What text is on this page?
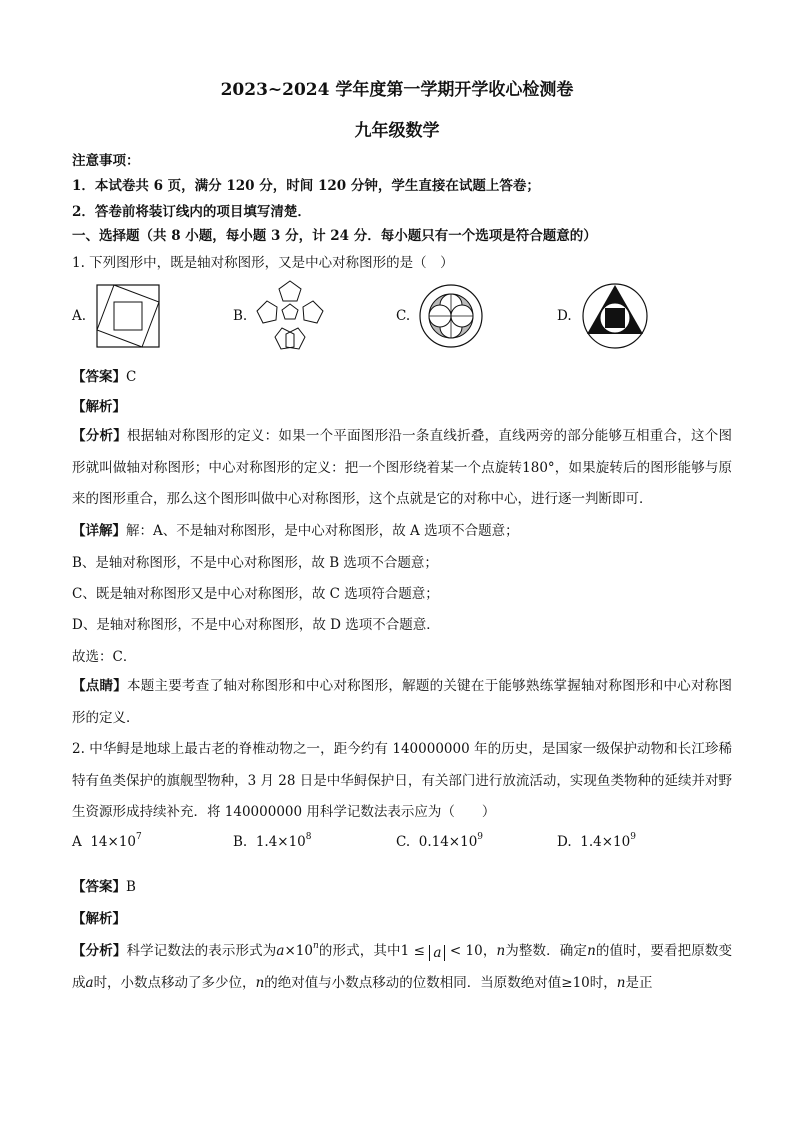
2023~2024 学年度第一学期开学收心检测卷
九年级数学
注意事项：
1．本试卷共 6 页，满分 120 分，时间 120 分钟，学生直接在试题上答卷；
2．答卷前将装订线内的项目填写清楚．
一、选择题（共 8 小题，每小题 3 分，计 24 分．每小题只有一个选项是符合题意的）
1. 下列图形中，既是轴对称图形，又是中心对称图形的是（　）
A.	B.	C.	D.
【答案】C
【解析】

【分析】根据轴对称图形的定义：如果一个平面图形沿一条直线折叠，直线两旁的部分能够互相重合，这个图形就叫做轴对称图形；中心对称图形的定义：把一个图形绕着某一个点旋转180°，如果旋转后的图形能够与原来的图形重合，那么这个图形叫做中心对称图形，这个点就是它的对称中心，进行逐一判断即可．

【详解】解：A、不是轴对称图形，是中心对称图形，故 A 选项不合题意；
B、是轴对称图形，不是中心对称图形，故 B 选项不合题意；
C、既是轴对称图形又是中心对称图形，故 C 选项符合题意；
D、是轴对称图形，不是中心对称图形，故 D 选项不合题意．
故选：C．

【点睛】本题主要考查了轴对称图形和中心对称图形，解题的关键在于能够熟练掌握轴对称图形和中心对称图形的定义．

2. 中华鲟是地球上最古老的脊椎动物之一，距今约有 140000000 年的历史，是国家一级保护动物和长江珍稀特有鱼类保护的旗舰型物种，3 月 28 日是中华鲟保护日，有关部门进行放流活动，实现鱼类物种的延续并对野生资源形成持续补充．将 140000000 用科学记数法表示应为（　　）

A $14\times 10^7$	B. $1.4\times 10^8$	C. $0.14\times 10^9$	D. $1.4\times 10^9$
【答案】B
【解析】

【分析】科学记数法的表示形式为$a\times 10^n$的形式，其中1 ≤ a < 10，n为整数．确定n的值时，要看把原数变成a时，小数点移动了多少位，n的绝对值与小数点移动的位数相同．当原数绝对值≥10时，n是正
